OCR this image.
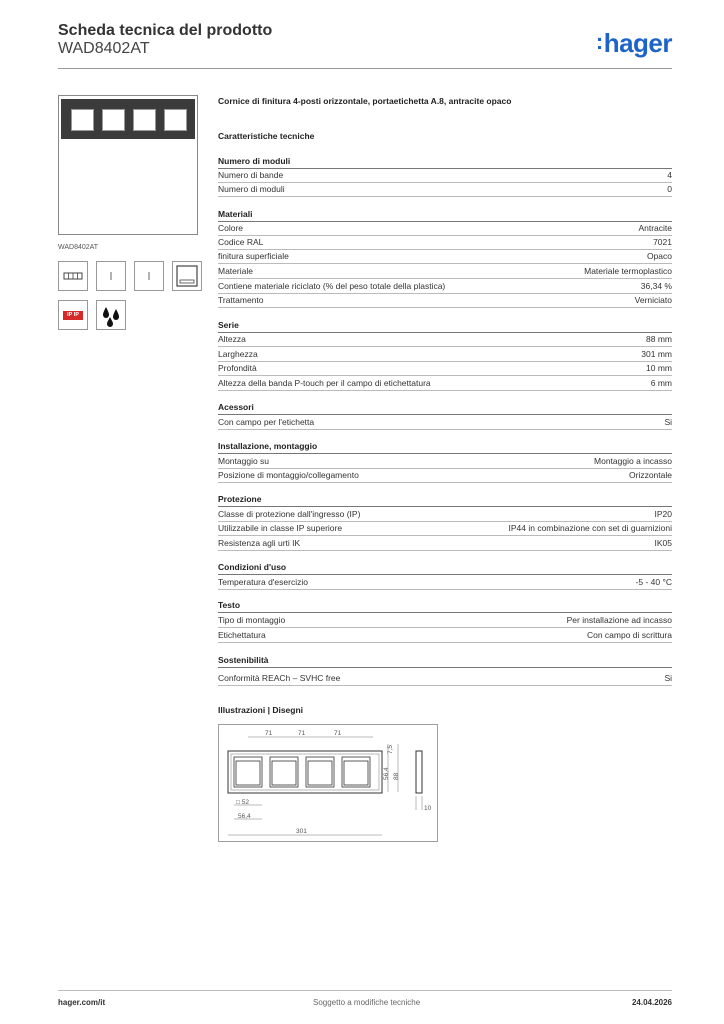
Scheda tecnica del prodotto
WAD8402AT	:hager
WAD8402AT
IP IP
Cornice di finitura 4-posti orizzontale, portaetichetta A.8, antracite opaco
Caratteristiche tecniche
Numero di moduli
Numero di bande	4
Numero di moduli	0
Materiali
Colore	Antracite
Codice RAL	7021
finitura superficiale	Opaco
Materiale	Materiale termoplastico
Contiene materiale riciclato (% del peso totale della plastica)	36,34 %
Trattamento	Verniciato
Serie
Altezza	88 mm
Larghezza	301 mm
Profondità	10 mm
Altezza della banda P-touch per il campo di etichettatura	6 mm
Acessori
Con campo per l'etichetta	Si
Installazione, montaggio
Montaggio su	Montaggio a incasso
Posizione di montaggio/collegamento	Orizzontale
Protezione
Classe di protezione dall'ingresso (IP)	IP20
Utilizzabile in classe IP superiore	IP44 in combinazione con set di guarnizioni
Resistenza agli urti IK	IK05
Condizioni d'uso
Temperatura d'esercizio	-5 - 40 °C
Testo
Tipo di montaggio	Per installazione ad incasso
Etichettatura	Con campo di scrittura
Sostenibilità
Conformità REACh – SVHC free	Si
Illustrazioni | Disegni
71	71	71
7,5
56,4 88
10
□ 52
56,4
301
hager.com/it	Soggetto a modifiche tecniche	24.04.2026
